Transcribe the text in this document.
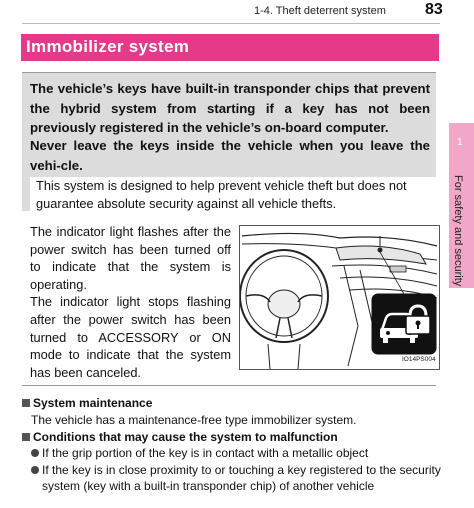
1-4. Theft deterrent system 83
Immobilizer system

The vehicle’s keys have built-in transponder chips that prevent the hybrid system from starting if a key has not been previously registered in the vehicle’s on-board computer.

Never leave the keys inside the vehicle when you leave the vehi-cle.

This system is designed to help prevent vehicle theft but does not guarantee absolute security against all vehicle thefts.
1
For safety and security

The indicator light flashes after the power switch has been turned off to indicate that the system is operating.

The indicator light stops flashing after the power switch has been turned to ACCESSORY or ON mode to indicate that the system has been canceled.

IO14PS004
System maintenance
The vehicle has a maintenance-free type immobilizer system.
Conditions that may cause the system to malfunction
If the grip portion of the key is in contact with a metallic object
If the key is in close proximity to or touching a key registered to the security
system (key with a built-in transponder chip) of another vehicle
